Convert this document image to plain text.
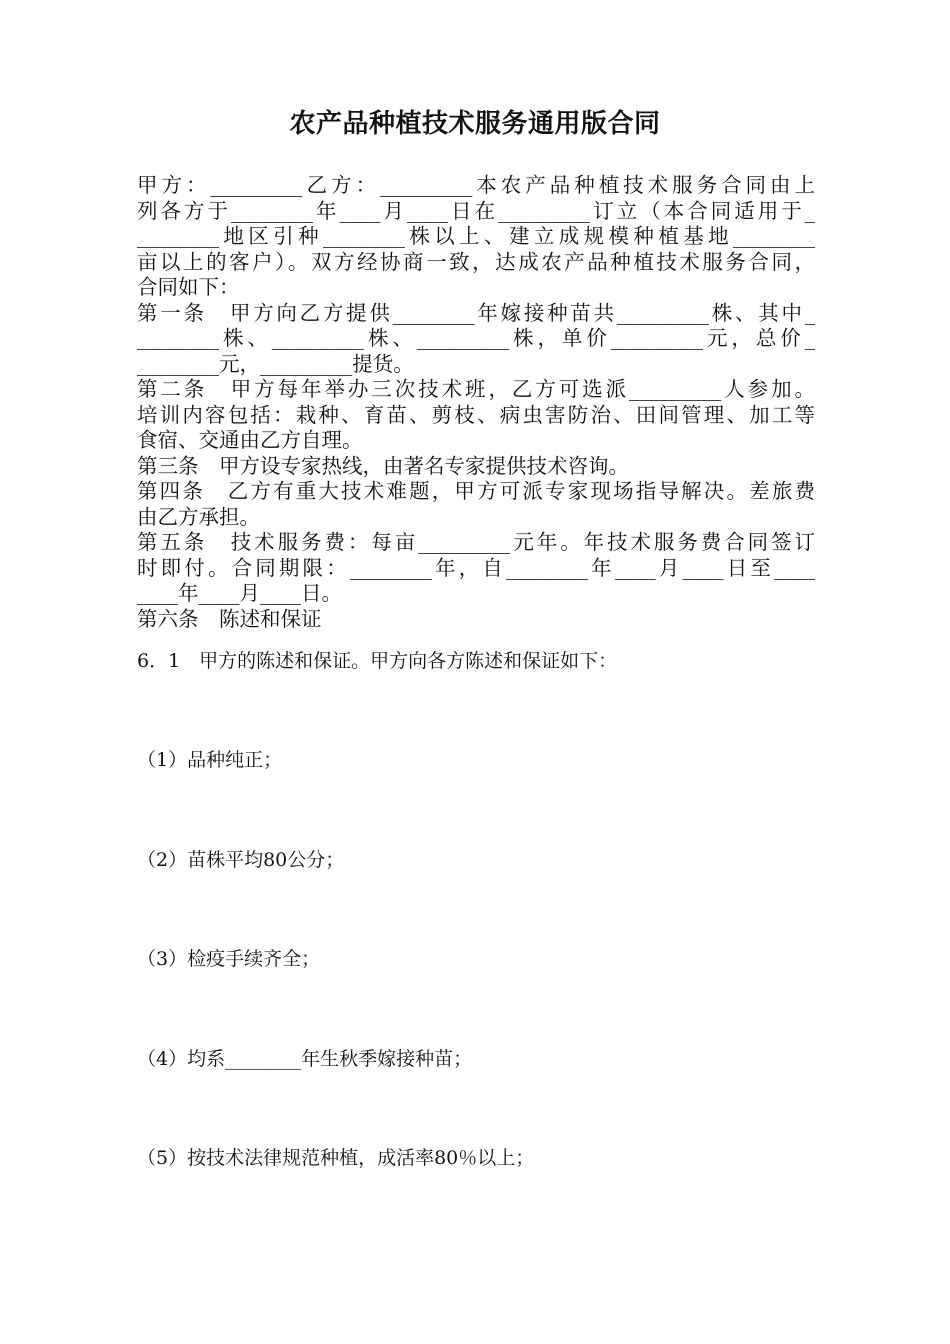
农产品种植技术服务通用版合同
甲方：_________乙方：_________本农产品种植技术服务合同由上
列各方于________年____月____日在_________订立（本合同适用于_
________地区引种________株以上、建立成规模种植基地________
亩以上的客户）。双方经协商一致，达成农产品种植技术服务合同，
合同如下：
第一条　甲方向乙方提供________年嫁接种苗共_________株、其中_
________株、_________株、_________株，单价_________元，总价_
________元，_________提货。
第二条　甲方每年举办三次技术班，乙方可选派_________人参加。
培训内容包括：栽种、育苗、剪枝、病虫害防治、田间管理、加工等
食宿、交通由乙方自理。
第三条　甲方设专家热线，由著名专家提供技术咨询。
第四条　乙方有重大技术难题，甲方可派专家现场指导解决。差旅费
由乙方承担。
第五条　技术服务费：每亩_________元年。年技术服务费合同签订
时即付。合同期限：________年，自________年____月____日至____
____年____月____日。
第六条　陈述和保证
6．1　甲方的陈述和保证。甲方向各方陈述和保证如下：
（1）品种纯正；
（2）苗株平均80公分；
（3）检疫手续齐全；
（4）均系________年生秋季嫁接种苗；
（5）按技术法律规范种植，成活率80％以上；
